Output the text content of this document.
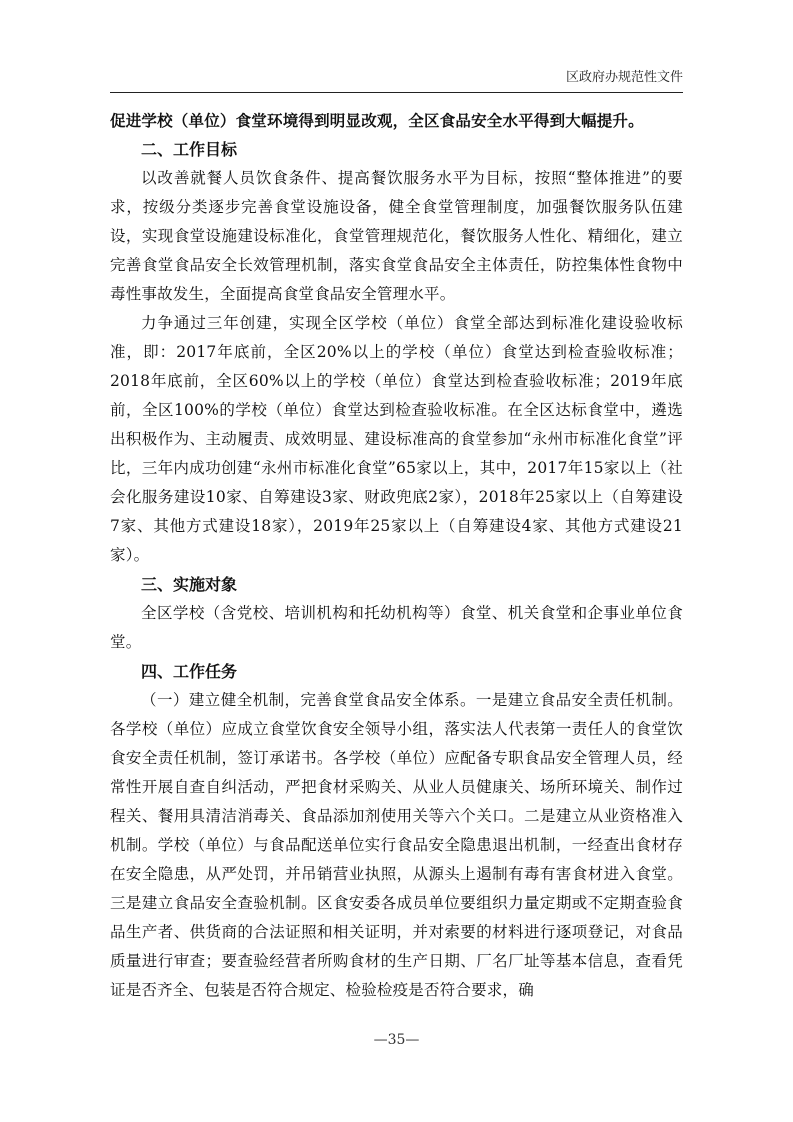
区政府办规范性文件

促进学校（单位）食堂环境得到明显改观，全区食品安全水平得到大幅提升。

二、工作目标

以改善就餐人员饮食条件、提高餐饮服务水平为目标，按照“整体推进”的要求，按级分类逐步完善食堂设施设备，健全食堂管理制度，加强餐饮服务队伍建设，实现食堂设施建设标准化，食堂管理规范化，餐饮服务人性化、精细化，建立完善食堂食品安全长效管理机制，落实食堂食品安全主体责任，防控集体性食物中毒性事故发生，全面提高食堂食品安全管理水平。

力争通过三年创建，实现全区学校（单位）食堂全部达到标准化建设验收标准，即：2017年底前，全区20%以上的学校（单位）食堂达到检查验收标准；2018年底前，全区60%以上的学校（单位）食堂达到检查验收标准；2019年底前，全区100%的学校（单位）食堂达到检查验收标准。在全区达标食堂中，遴选出积极作为、主动履责、成效明显、建设标准高的食堂参加“永州市标准化食堂”评比，三年内成功创建“永州市标准化食堂”65家以上，其中，2017年15家以上（社会化服务建设10家、自筹建设3家、财政兜底2家），2018年25家以上（自筹建设7家、其他方式建设18家），2019年25家以上（自筹建设4家、其他方式建设21家）。

三、实施对象

全区学校（含党校、培训机构和托幼机构等）食堂、机关食堂和企事业单位食堂。

四、工作任务

（一）建立健全机制，完善食堂食品安全体系。一是建立食品安全责任机制。各学校（单位）应成立食堂饮食安全领导小组，落实法人代表第一责任人的食堂饮食安全责任机制，签订承诺书。各学校（单位）应配备专职食品安全管理人员，经常性开展自查自纠活动，严把食材采购关、从业人员健康关、场所环境关、制作过程关、餐用具清洁消毒关、食品添加剂使用关等六个关口。二是建立从业资格准入机制。学校（单位）与食品配送单位实行食品安全隐患退出机制，一经查出食材存在安全隐患，从严处罚，并吊销营业执照，从源头上遏制有毒有害食材进入食堂。三是建立食品安全查验机制。区食安委各成员单位要组织力量定期或不定期查验食品生产者、供货商的合法证照和相关证明，并对索要的材料进行逐项登记，对食品质量进行审查；要查验经营者所购食材的生产日期、厂名厂址等基本信息，查看凭证是否齐全、包装是否符合规定、检验检疫是否符合要求，确

—35—
